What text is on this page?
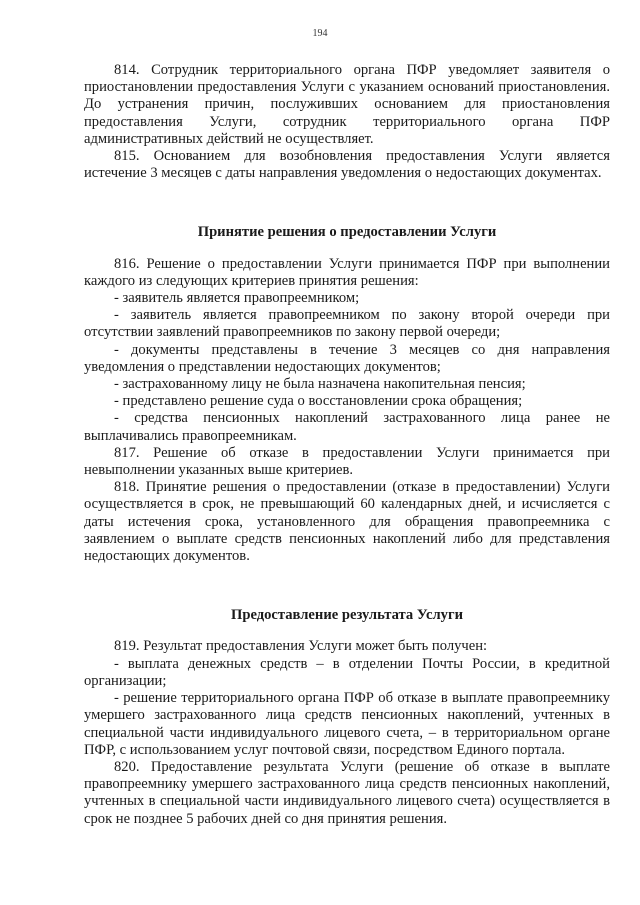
194

814. Сотрудник территориального органа ПФР уведомляет заявителя о приостановлении предоставления Услуги с указанием оснований приостановления. До устранения причин, послуживших основанием для приостановления предоставления Услуги, сотрудник территориального органа ПФР административных действий не осуществляет.

815. Основанием для возобновления предоставления Услуги является истечение 3 месяцев с даты направления уведомления о недостающих документах.

Принятие решения о предоставлении Услуги

816. Решение о предоставлении Услуги принимается ПФР при выполнении каждого из следующих критериев принятия решения:

- заявитель является правопреемником;

- заявитель является правопреемником по закону второй очереди при отсутствии заявлений правопреемников по закону первой очереди;

- документы представлены в течение 3 месяцев со дня направления уведомления о представлении недостающих документов;

- застрахованному лицу не была назначена накопительная пенсия;

- представлено решение суда о восстановлении срока обращения;

- средства пенсионных накоплений застрахованного лица ранее не выплачивались правопреемникам.

817. Решение об отказе в предоставлении Услуги принимается при невыполнении указанных выше критериев.

818. Принятие решения о предоставлении (отказе в предоставлении) Услуги осуществляется в срок, не превышающий 60 календарных дней, и исчисляется с даты истечения срока, установленного для обращения правопреемника с заявлением о выплате средств пенсионных накоплений либо для представления недостающих документов.

Предоставление результата Услуги

819. Результат предоставления Услуги может быть получен:

- выплата денежных средств – в отделении Почты России, в кредитной организации;

- решение территориального органа ПФР об отказе в выплате правопреемнику умершего застрахованного лица средств пенсионных накоплений, учтенных в специальной части индивидуального лицевого счета, – в территориальном органе ПФР, с использованием услуг почтовой связи, посредством Единого портала.

820. Предоставление результата Услуги (решение об отказе в выплате правопреемнику умершего застрахованного лица средств пенсионных накоплений, учтенных в специальной части индивидуального лицевого счета) осуществляется в срок не позднее 5 рабочих дней со дня принятия решения.
